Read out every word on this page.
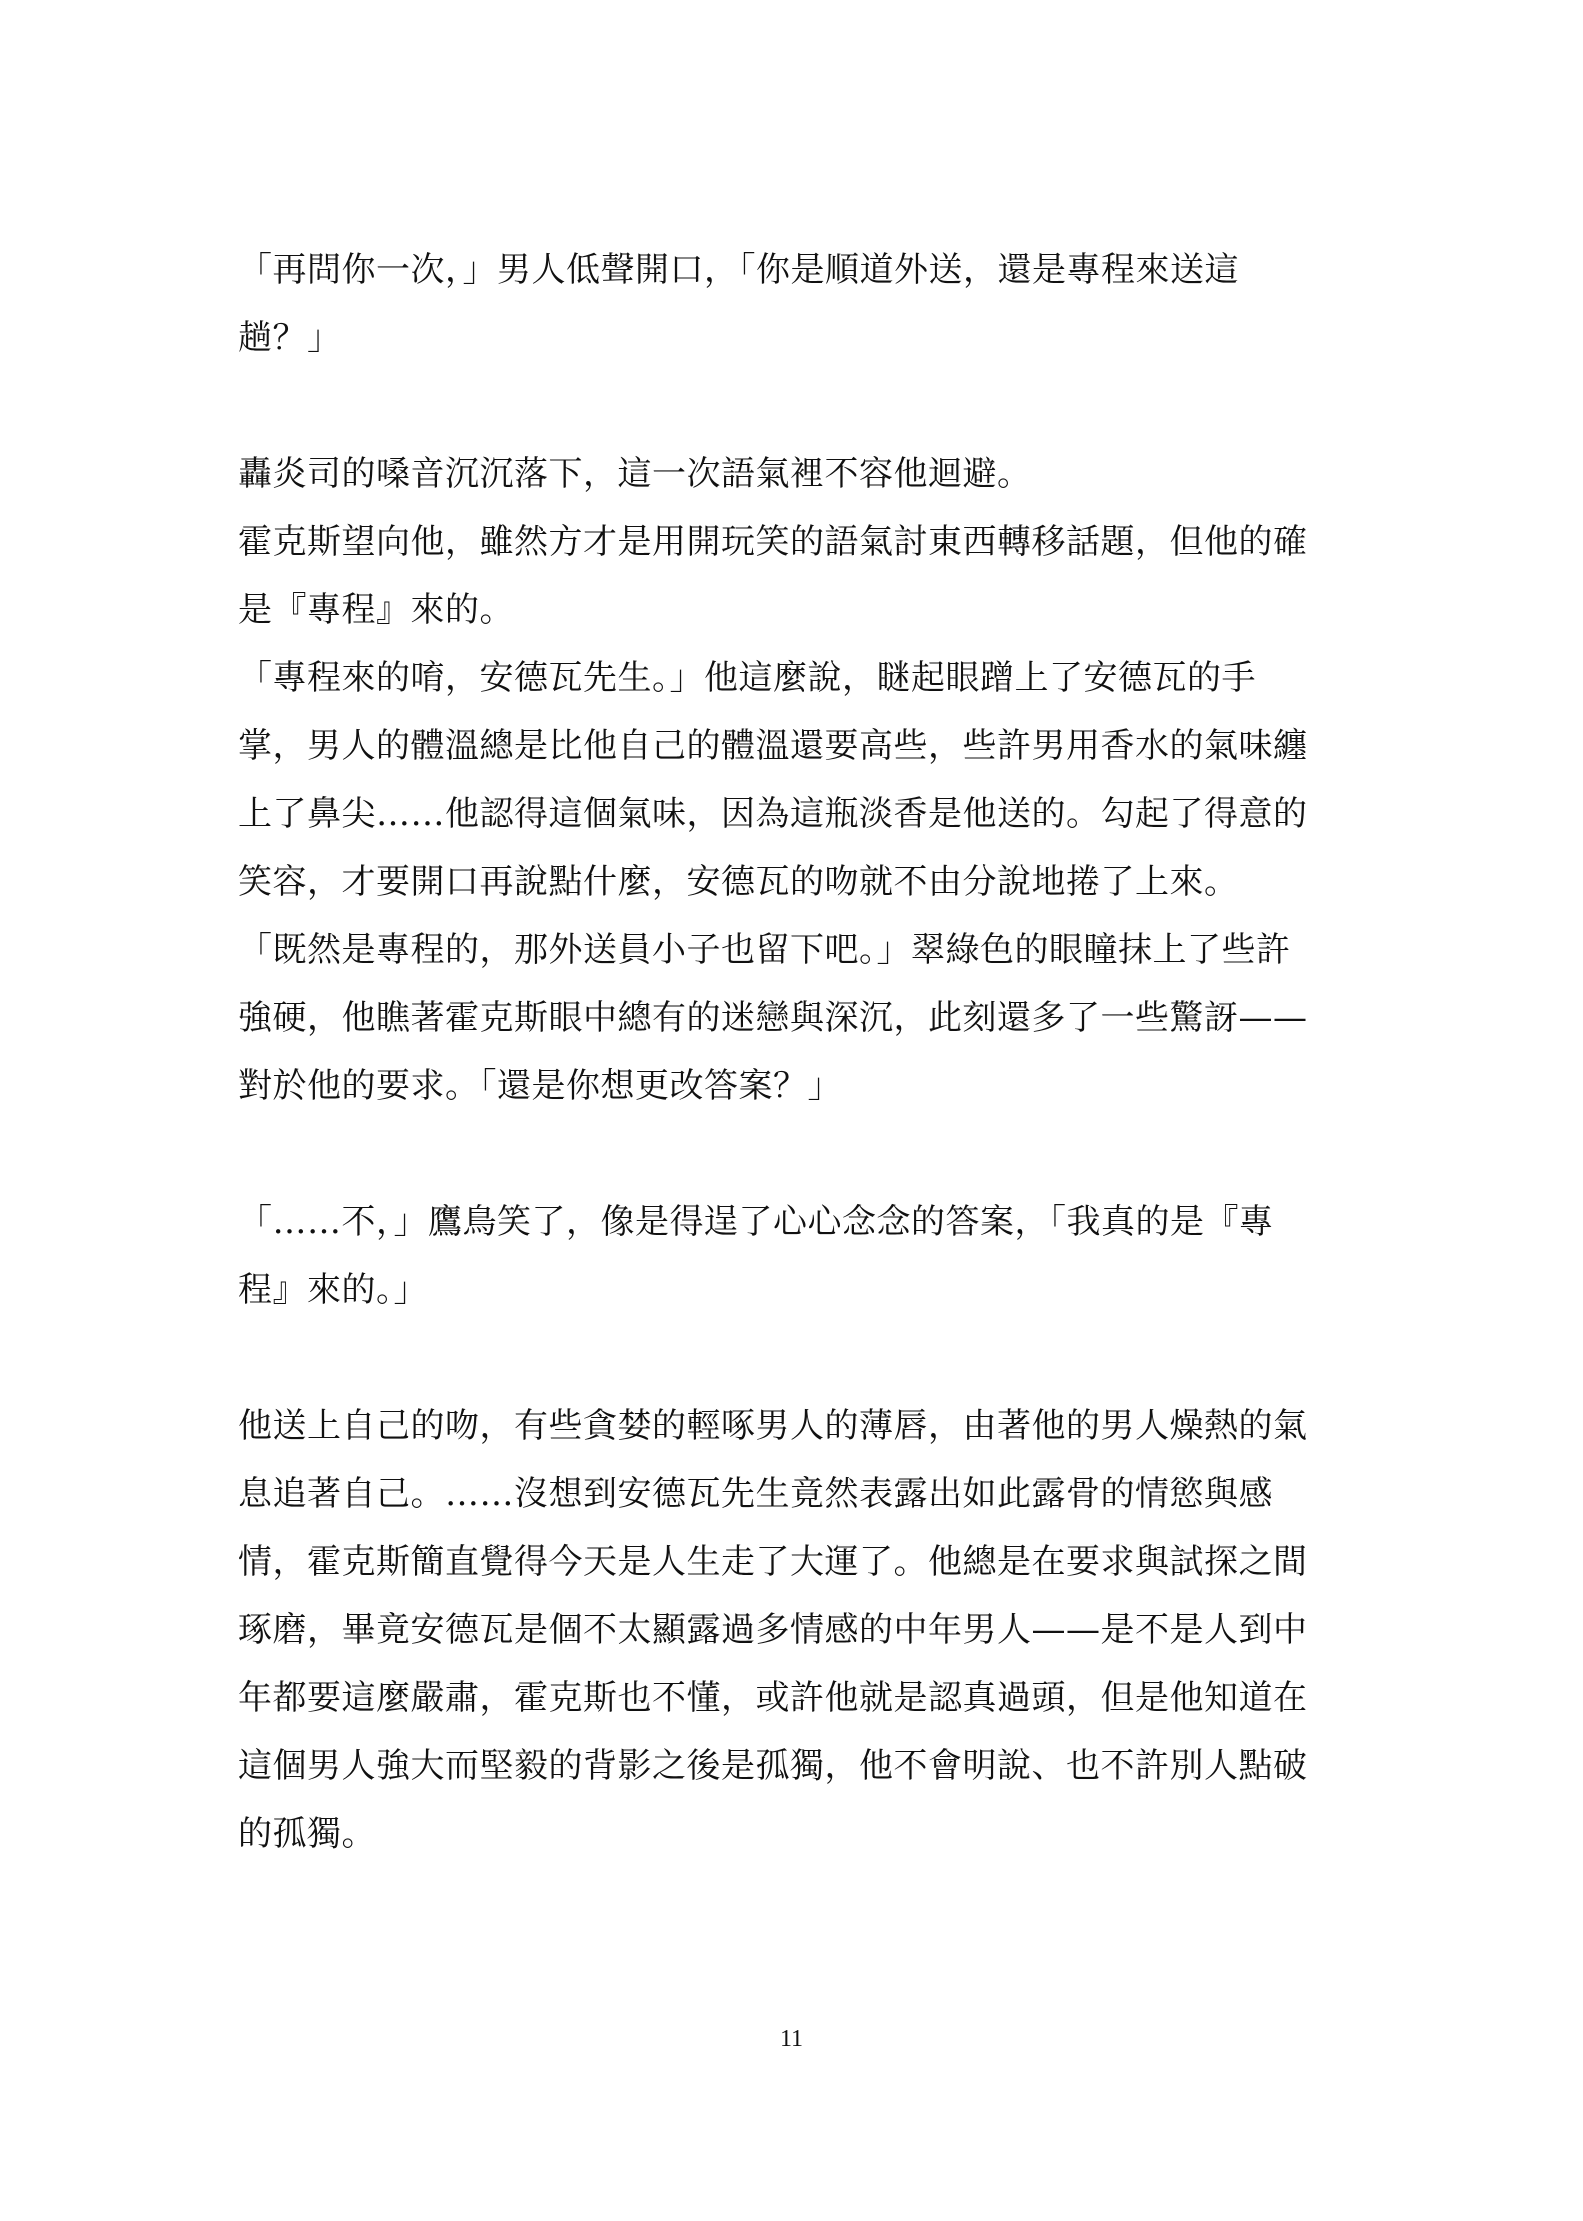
「再問你一次，」男人低聲開口，「你是順道外送，還是專程來送這
趟？」
轟炎司的嗓音沉沉落下，這一次語氣裡不容他迴避。
霍克斯望向他，雖然方才是用開玩笑的語氣討東西轉移話題，但他的確
是『專程』來的。
「專程來的唷，安德瓦先生。」他這麼說，瞇起眼蹭上了安德瓦的手
掌，男人的體溫總是比他自己的體溫還要高些，些許男用香水的氣味纏
上了鼻尖……他認得這個氣味，因為這瓶淡香是他送的。勾起了得意的
笑容，才要開口再說點什麼，安德瓦的吻就不由分說地捲了上來。
「既然是專程的，那外送員小子也留下吧。」翠綠色的眼瞳抹上了些許
強硬，他瞧著霍克斯眼中總有的迷戀與深沉，此刻還多了一些驚訝——
對於他的要求。「還是你想更改答案？」
「……不，」鷹鳥笑了，像是得逞了心心念念的答案，「我真的是『專
程』來的。」
他送上自己的吻，有些貪婪的輕啄男人的薄唇，由著他的男人燥熱的氣
息追著自己。……沒想到安德瓦先生竟然表露出如此露骨的情慾與感
情，霍克斯簡直覺得今天是人生走了大運了。他總是在要求與試探之間
琢磨，畢竟安德瓦是個不太顯露過多情感的中年男人——是不是人到中
年都要這麼嚴肅，霍克斯也不懂，或許他就是認真過頭，但是他知道在
這個男人強大而堅毅的背影之後是孤獨，他不會明說、也不許別人點破
的孤獨。
11
